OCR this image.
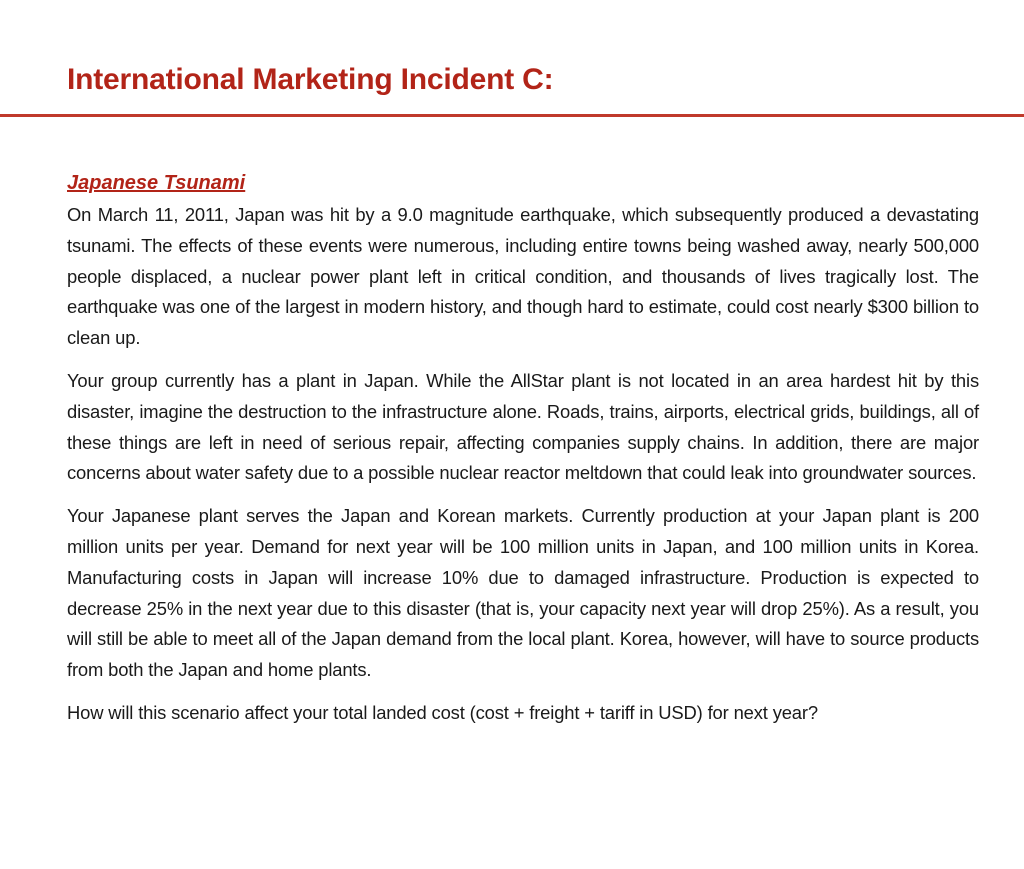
International Marketing Incident C:
Japanese Tsunami

On March 11, 2011, Japan was hit by a 9.0 magnitude earthquake, which subsequently produced a devastating tsunami. The effects of these events were numerous, including entire towns being washed away, nearly 500,000 people displaced, a nuclear power plant left in critical condition, and thousands of lives tragically lost. The earthquake was one of the largest in modern history, and though hard to estimate, could cost nearly $300 billion to clean up.

Your group currently has a plant in Japan. While the AllStar plant is not located in an area hardest hit by this disaster, imagine the destruction to the infrastructure alone. Roads, trains, airports, electrical grids, buildings, all of these things are left in need of serious repair, affecting companies supply chains. In addition, there are major concerns about water safety due to a possible nuclear reactor meltdown that could leak into groundwater sources.

Your Japanese plant serves the Japan and Korean markets. Currently production at your Japan plant is 200 million units per year. Demand for next year will be 100 million units in Japan, and 100 million units in Korea. Manufacturing costs in Japan will increase 10% due to damaged infrastructure. Production is expected to decrease 25% in the next year due to this disaster (that is, your capacity next year will drop 25%). As a result, you will still be able to meet all of the Japan demand from the local plant. Korea, however, will have to source products from both the Japan and home plants.

How will this scenario affect your total landed cost (cost + freight + tariff in USD) for next year?
